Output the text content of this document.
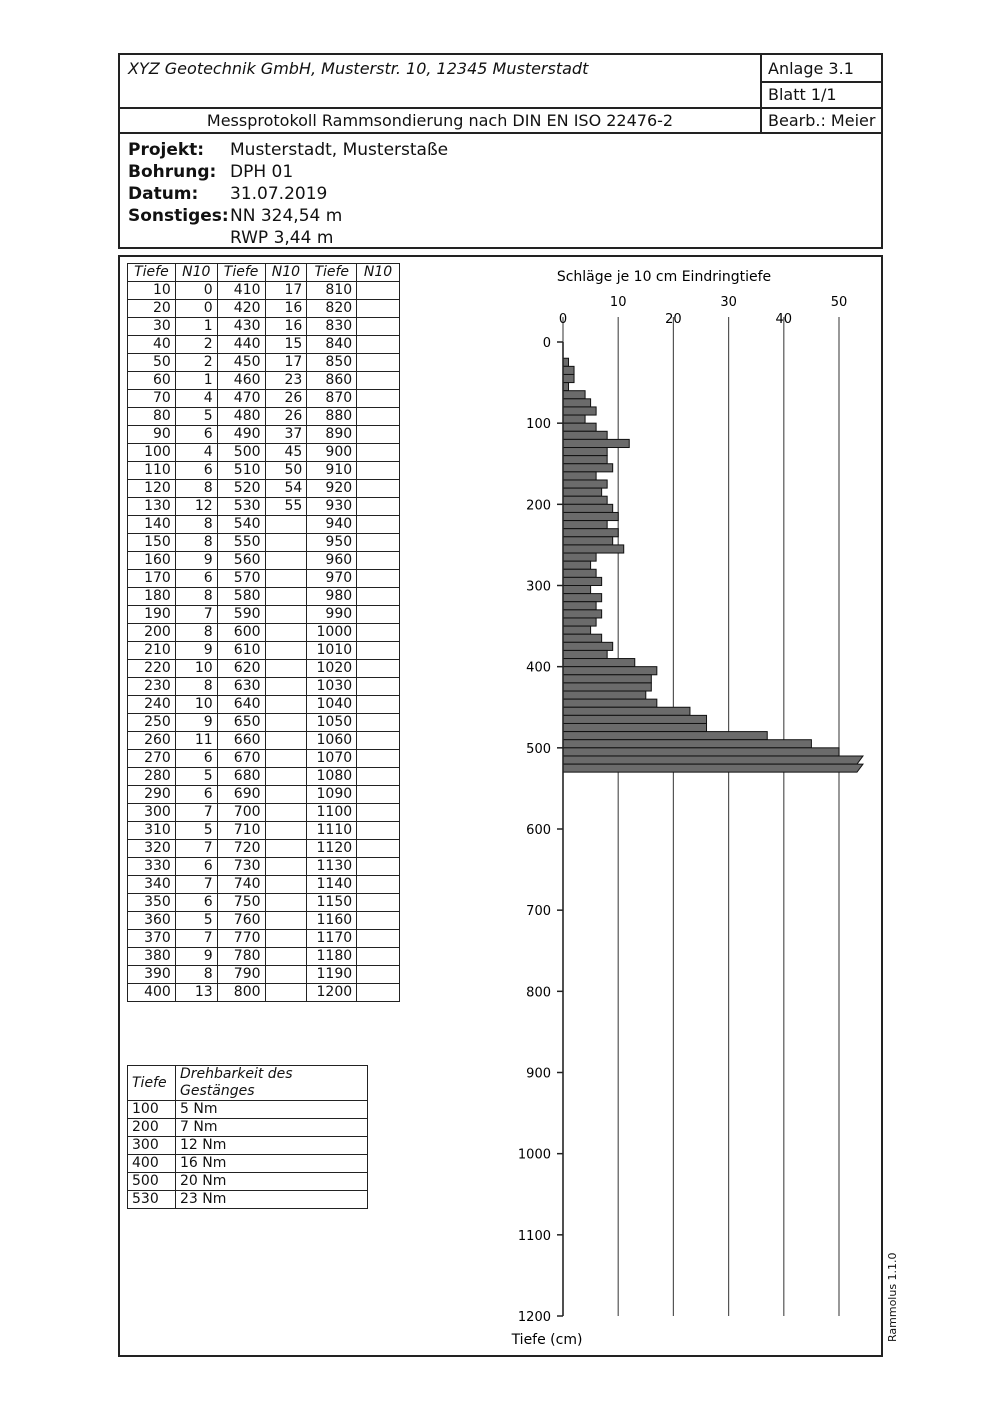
XYZ Geotechnik GmbH, Musterstr. 10, 12345 Musterstadt	Anlage 3.1
Blatt 1/1
Messprotokoll Rammsondierung nach DIN EN ISO 22476-2	Bearb.: Meier
Projekt: Musterstadt, Musterstaße
Bohrung: DPH 01
Datum: 31.07.2019
Sonstiges: NN 324,54 m
RWP 3,44 m
Tiefe	N10	Tiefe	N10	Tiefe	N10
10	0	410	17	810	
20	0	420	16	820	
30	1	430	16	830	
40	2	440	15	840	
50	2	450	17	850	
60	1	460	23	860	
70	4	470	26	870	
80	5	480	26	880	
90	6	490	37	890	
100	4	500	45	900	
110	6	510	50	910	
120	8	520	54	920	
130	12	530	55	930	
140	8	540		940	
150	8	550		950	
160	9	560		960	
170	6	570		970	
180	8	580		980	
190	7	590		990	
200	8	600		1000	
210	9	610		1010	
220	10	620		1020	
230	8	630		1030	
240	10	640		1040	
250	9	650		1050	
260	11	660		1060	
270	6	670		1070	
280	5	680		1080	
290	6	690		1090	
300	7	700		1100	
310	5	710		1110	
320	7	720		1120	
330	6	730		1130	
340	7	740		1140	
350	6	750		1150	
360	5	760		1160	
370	7	770		1170	
380	9	780		1180	
390	8	790		1190	
400	13	800		1200	
Tiefe	Drehbarkeit des Gestänges
100	5 Nm
200	7 Nm
300	12 Nm
400	16 Nm
500	20 Nm
530	23 Nm
Schläge je 10 cm Eindringtiefe
10	30	50
0	20	40
0
100
200
300
400
500
600
700
800
900
1000
1100
1200
Tiefe (cm)	Rammolus 1.1.0
